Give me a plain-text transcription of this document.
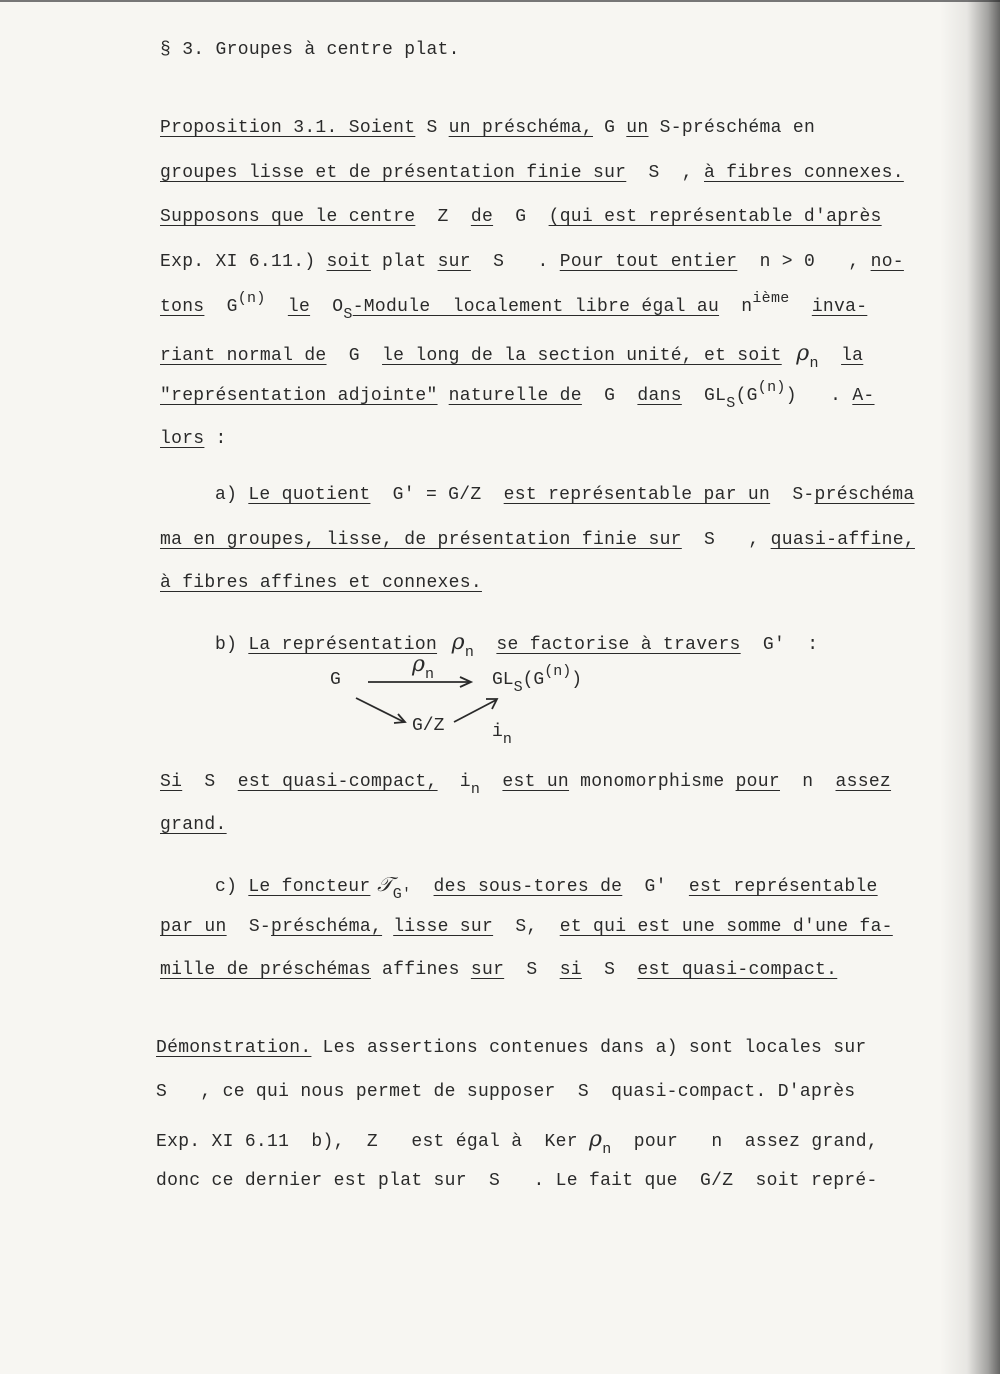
§ 3. Groupes à centre plat.
Proposition 3.1. Soient S un préschéma, G un S-préschéma en
groupes lisse et de présentation finie sur  S  , à fibres connexes.
Supposons que le centre  Z  de  G  (qui est représentable d'après
Exp. XI 6.11.) soit plat sur  S   . Pour tout entier  n > 0   , no-
tons  $G^{(n)}$ le  $O_S$-Module  localement libre égal au  $n^{ième}$ inva-
riant normal de  G  le long de la section unité, et soit  $\rho_n$ la
"représentation adjointe" naturelle de  G  dans  $GL_S(G^{(n)})$   . A-
lors :
a) Le quotient  G' = G/Z  est représentable par un  S-préschéma
ma en groupes, lisse, de présentation finie sur  S   , quasi-affine,
à fibres affines et connexes.
b) La représentation  $\rho_n$ se factorise à travers  G'  :
G
$\rho_n$	$GL_S(G^{(n)})$
G/Z	$i_n$
Si  S  est quasi-compact,  $i_n$ est un monomorphisme pour  n  assez
grand.
c) Le foncteur 𝒯$_{G'}$ des sous-tores de  G'  est représentable
par un  S-préschéma, lisse sur  S,  et qui est une somme d'une fa-
mille de préschémas affines sur  S  si  S  est quasi-compact.
Démonstration. Les assertions contenues dans a) sont locales sur
S   , ce qui nous permet de supposer  S  quasi-compact. D'après
Exp. XI 6.11  b),  Z   est égal à  Ker $\rho_n$  pour   n  assez grand,
donc ce dernier est plat sur  S   . Le fait que  G/Z  soit repré-
